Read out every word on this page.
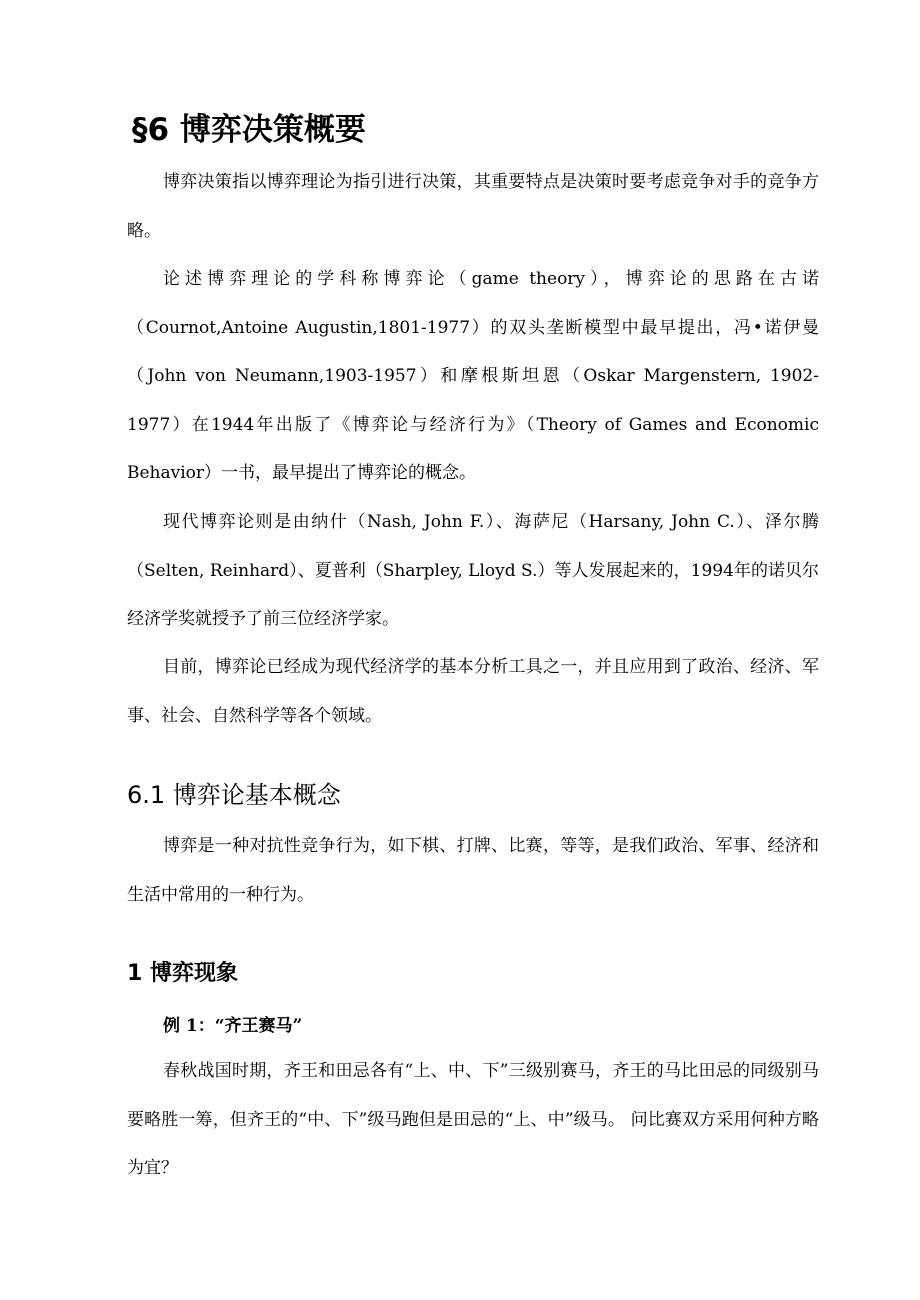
§6 博弈决策概要

博弈决策指以博弈理论为指引进行决策，其重要特点是决策时要考虑竞争对手的竞争方略。

论述博弈理论的学科称博弈论（game theory），博弈论的思路在古诺（Cournot,Antoine Augustin,1801-1977）的双头垄断模型中最早提出，冯•诺伊曼（John von Neumann,1903-1957）和摩根斯坦恩（Oskar Margenstern, 1902-1977）在1944年出版了《博弈论与经济行为》（Theory of Games and Economic Behavior）一书，最早提出了博弈论的概念。

现代博弈论则是由纳什（Nash, John F.）、海萨尼（Harsany, John C.）、泽尔腾（Selten, Reinhard）、夏普利（Sharpley, Lloyd S.）等人发展起来的，1994年的诺贝尔经济学奖就授予了前三位经济学家。

目前，博弈论已经成为现代经济学的基本分析工具之一，并且应用到了政治、经济、军事、社会、自然科学等各个领域。

6.1 博弈论基本概念

博弈是一种对抗性竞争行为，如下棋、打牌、比赛，等等，是我们政治、军事、经济和生活中常用的一种行为。

1 博弈现象
例 1：“齐王赛马”

春秋战国时期，齐王和田忌各有“上、中、下”三级别赛马，齐王的马比田忌的同级别马要略胜一筹，但齐王的“中、下”级马跑但是田忌的“上、中”级马。 问比赛双方采用何种方略为宜？
